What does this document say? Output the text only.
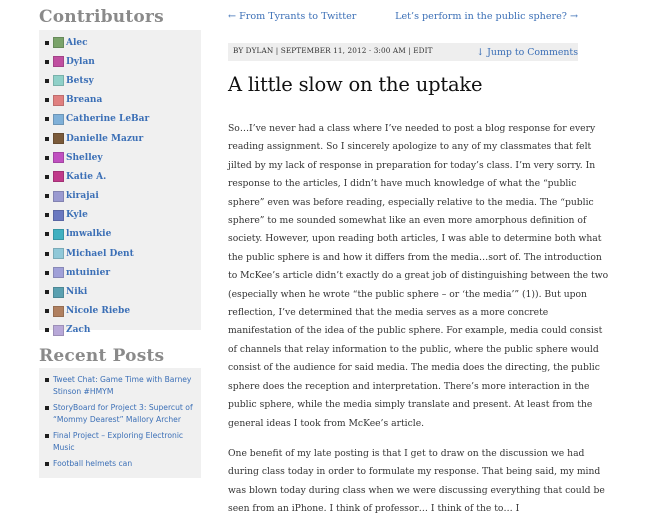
Contributors
Alec
Dylan
Betsy
Breana
Catherine LeBar
Danielle Mazur
Shelley
Katie A.
kirajai
Kyle
lmwalkie
Michael Dent
mtuinier
Niki
Nicole Riebe
Zach
Recent Posts
Tweet Chat: Game Time with Barney Stinson #HMYM
StoryBoard for Project 3: Supercut of “Mommy Dearest” Mallory Archer
Final Project – Exploring Electronic Music
Football helmets can
← From Tyrants to Twitter	Let’s perform in the public sphere? →
BY DYLAN | SEPTEMBER 11, 2012 · 3:00 AM | EDIT	↓ Jump to Comments
A little slow on the uptake

So…I’ve never had a class where I’ve needed to post a blog response for every
reading assignment. So I sincerely apologize to any of my classmates that felt
jilted by my lack of response in preparation for today’s class. I’m very sorry. In
response to the articles, I didn’t have much knowledge of what the “public
sphere” even was before reading, especially relative to the media. The “public
sphere” to me sounded somewhat like an even more amorphous definition of
society. However, upon reading both articles, I was able to determine both what
the public sphere is and how it differs from the media…sort of. The introduction
to McKee’s article didn’t exactly do a great job of distinguishing between the two
(especially when he wrote “the public sphere – or ‘the media’” (1)). But upon
reflection, I’ve determined that the media serves as a more concrete
manifestation of the idea of the public sphere. For example, media could consist
of channels that relay information to the public, where the public sphere would
consist of the audience for said media. The media does the directing, the public
sphere does the reception and interpretation. There’s more interaction in the
public sphere, while the media simply translate and present. At least from the
general ideas I took from McKee’s article.

One benefit of my late posting is that I get to draw on the discussion we had
during class today in order to formulate my response. That being said, my mind
was blown today during class when we were discussing everything that could be
seen from an iPhone. I think of professor… I think of the to… I
